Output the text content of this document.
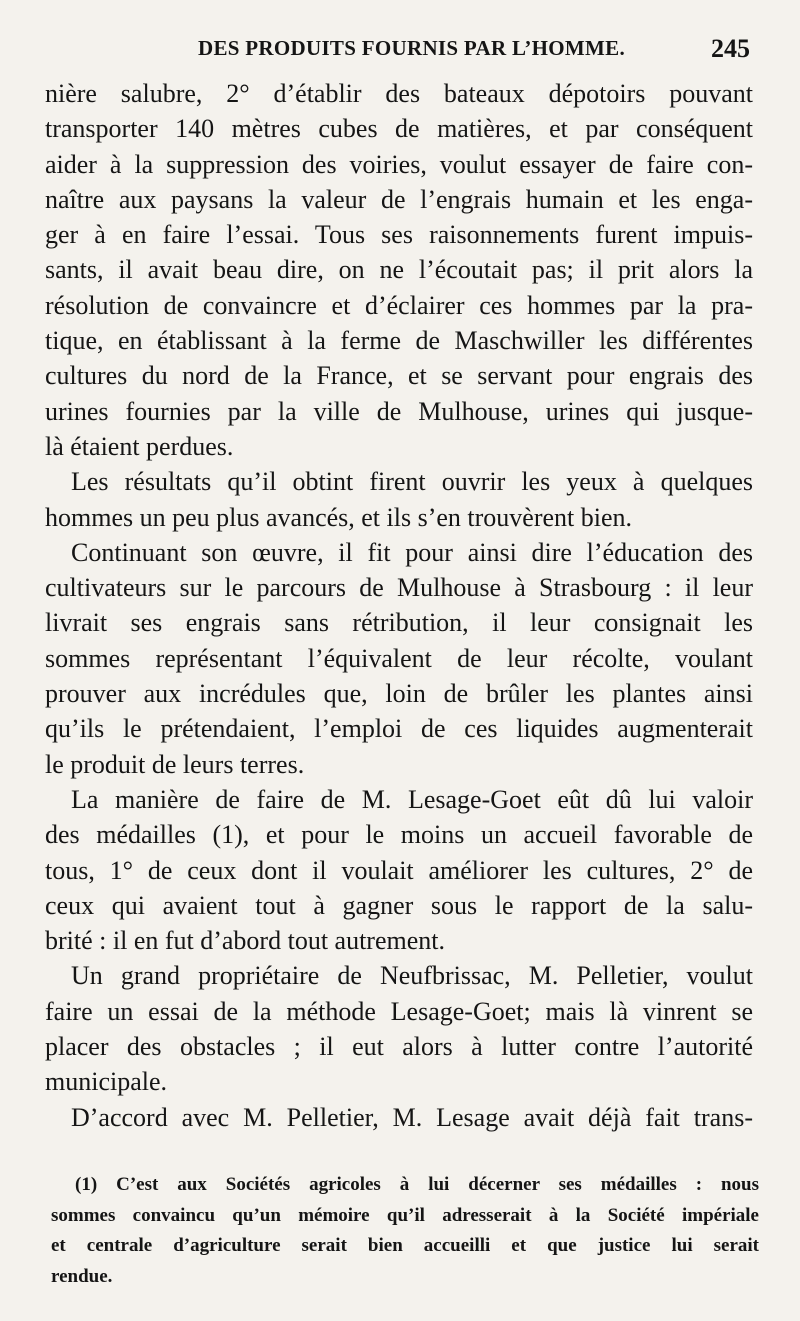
DES PRODUITS FOURNIS PAR L’HOMME.	245
nière salubre, 2° d’établir des bateaux dépotoirs pouvant
transporter 140 mètres cubes de matières, et par conséquent
aider à la suppression des voiries, voulut essayer de faire con-
naître aux paysans la valeur de l’engrais humain et les enga-
ger à en faire l’essai. Tous ses raisonnements furent impuis-
sants, il avait beau dire, on ne l’écoutait pas; il prit alors la
résolution de convaincre et d’éclairer ces hommes par la pra-
tique, en établissant à la ferme de Maschwiller les différentes
cultures du nord de la France, et se servant pour engrais des
urines fournies par la ville de Mulhouse, urines qui jusque-
là étaient perdues.
Les résultats qu’il obtint firent ouvrir les yeux à quelques
hommes un peu plus avancés, et ils s’en trouvèrent bien.
Continuant son œuvre, il fit pour ainsi dire l’éducation des
cultivateurs sur le parcours de Mulhouse à Strasbourg : il leur
livrait ses engrais sans rétribution, il leur consignait les
sommes représentant l’équivalent de leur récolte, voulant
prouver aux incrédules que, loin de brûler les plantes ainsi
qu’ils le prétendaient, l’emploi de ces liquides augmenterait
le produit de leurs terres.
La manière de faire de M. Lesage-Goet eût dû lui valoir
des médailles (1), et pour le moins un accueil favorable de
tous, 1° de ceux dont il voulait améliorer les cultures, 2° de
ceux qui avaient tout à gagner sous le rapport de la salu-
brité : il en fut d’abord tout autrement.
Un grand propriétaire de Neufbrissac, M. Pelletier, voulut
faire un essai de la méthode Lesage-Goet; mais là vinrent se
placer des obstacles ; il eut alors à lutter contre l’autorité
municipale.
D’accord avec M. Pelletier, M. Lesage avait déjà fait trans-
(1) C’est aux Sociétés agricoles à lui décerner ses médailles : nous
sommes convaincu qu’un mémoire qu’il adresserait à la Société impériale
et centrale d’agriculture serait bien accueilli et que justice lui serait
rendue.
